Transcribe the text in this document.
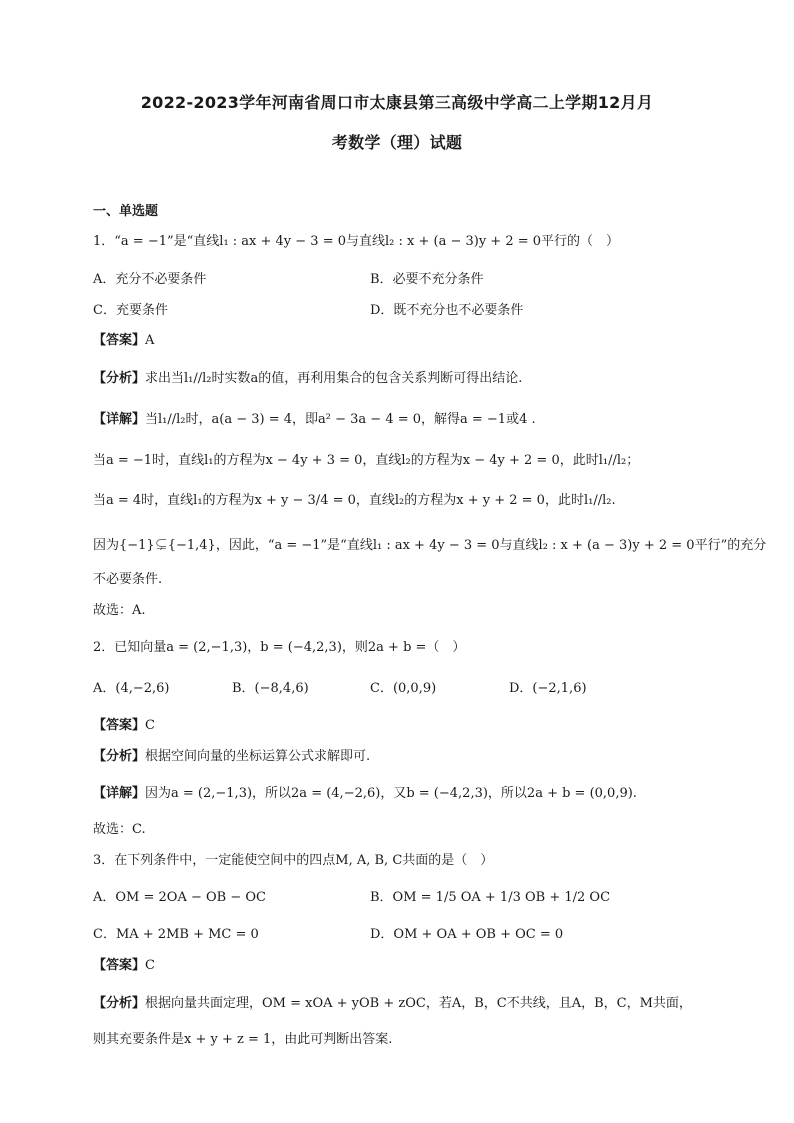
2022-2023学年河南省周口市太康县第三高级中学高二上学期12月月
考数学（理）试题
一、单选题
1．“a = −1”是“直线l₁ : ax + 4y − 3 = 0与直线l₂ : x + (a − 3)y + 2 = 0平行的（　）
A．充分不必要条件	B．必要不充分条件
C．充要条件	D．既不充分也不必要条件
【答案】A
【分析】求出当l₁//l₂时实数a的值，再利用集合的包含关系判断可得出结论.
【详解】当l₁//l₂时，a(a − 3) = 4，即a² − 3a − 4 = 0，解得a = −1或4 .
当a = −1时，直线l₁的方程为x − 4y + 3 = 0，直线l₂的方程为x − 4y + 2 = 0，此时l₁//l₂；
当a = 4时，直线l₁的方程为x + y − 3/4 = 0，直线l₂的方程为x + y + 2 = 0，此时l₁//l₂.
因为{−1}⊊{−1,4}，因此，“a = −1”是“直线l₁ : ax + 4y − 3 = 0与直线l₂ : x + (a − 3)y + 2 = 0平行”的充分
不必要条件.
故选：A.
2．已知向量a = (2,−1,3)，b = (−4,2,3)，则2a + b =（　）
A．(4,−2,6)	B．(−8,4,6)	C．(0,0,9)	D．(−2,1,6)
【答案】C
【分析】根据空间向量的坐标运算公式求解即可.
【详解】因为a = (2,−1,3)，所以2a = (4,−2,6)，又b = (−4,2,3)，所以2a + b = (0,0,9).
故选：C.
3．在下列条件中，一定能使空间中的四点M, A, B, C共面的是（　）
A．OM = 2OA − OB − OC	B．OM = 1/5 OA + 1/3 OB + 1/2 OC
C．MA + 2MB + MC = 0	D．OM + OA + OB + OC = 0
【答案】C
【分析】根据向量共面定理，OM = xOA + yOB + zOC，若A，B，C不共线，且A，B，C，M共面，
则其充要条件是x + y + z = 1，由此可判断出答案.
